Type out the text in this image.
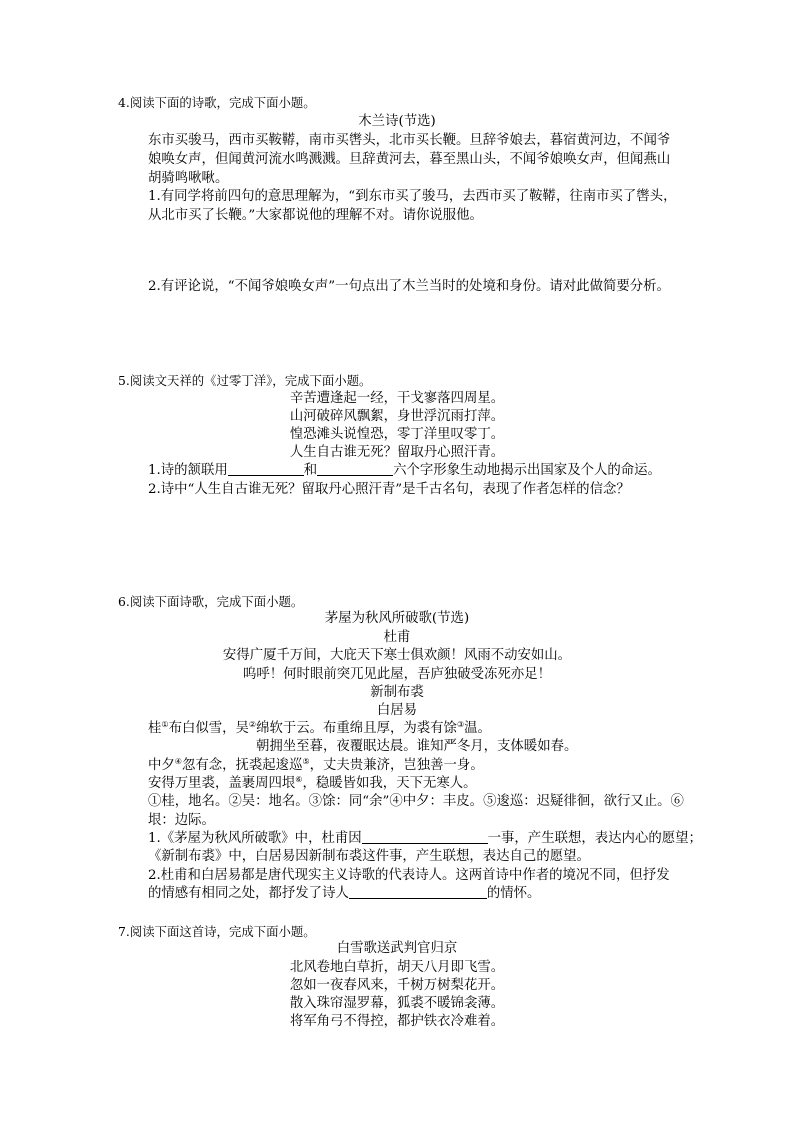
4.阅读下面的诗歌，完成下面小题。
木兰诗(节选)
东市买骏马，西市买鞍鞯，南市买辔头，北市买长鞭。旦辞爷娘去，暮宿黄河边，不闻爷
娘唤女声，但闻黄河流水鸣溅溅。旦辞黄河去，暮至黑山头，不闻爷娘唤女声，但闻燕山
胡骑鸣啾啾。
1.有同学将前四句的意思理解为，“到东市买了骏马，去西市买了鞍鞯，往南市买了辔头，
从北市买了长鞭。”大家都说他的理解不对。请你说服他。
2.有评论说，“不闻爷娘唤女声”一句点出了木兰当时的处境和身份。请对此做简要分析。
5.阅读文天祥的《过零丁洋》，完成下面小题。
辛苦遭逢起一经，干戈寥落四周星。
山河破碎风飘絮，身世浮沉雨打萍。
惶恐滩头说惶恐，零丁洋里叹零丁。
人生自古谁无死？留取丹心照汗青。
1.诗的颔联用	和	六个字形象生动地揭示出国家及个人的命运。
2.诗中“人生自古谁无死？留取丹心照汗青”是千古名句，表现了作者怎样的信念？
6.阅读下面诗歌，完成下面小题。
茅屋为秋风所破歌(节选)
杜甫
安得广厦千万间，大庇天下寒士俱欢颜！风雨不动安如山。
呜呼！何时眼前突兀见此屋，吾庐独破受冻死亦足！
新制布裘
白居易
桂①布白似雪，吴②绵软于云。布重绵且厚，为裘有馀③温。
朝拥坐至暮，夜覆眠达晨。谁知严冬月，支体暖如春。
中夕④忽有念，抚裘起逡巡⑤，丈夫贵兼济，岂独善一身。
安得万里裘，盖裹周四垠⑥，稳暖皆如我，天下无寒人。
①桂，地名。②吴：地名。③馀：同“余”④中夕：丰皮。⑤逡巡：迟疑徘徊，欲行又止。⑥
垠：边际。
1.《茅屋为秋风所破歌》中，杜甫因	一事，产生联想，表达内心的愿望；
《新制布裘》中，白居易因新制布裘这件事，产生联想，表达自己的愿望。
2.杜甫和白居易都是唐代现实主义诗歌的代表诗人。这两首诗中作者的境况不同，但抒发
的情感有相同之处，都抒发了诗人	的情怀。
7.阅读下面这首诗，完成下面小题。
白雪歌送武判官归京
北风卷地白草折，胡天八月即飞雪。
忽如一夜春风来，千树万树梨花开。
散入珠帘湿罗幕，狐裘不暖锦衾薄。
将军角弓不得控，都护铁衣冷难着。
